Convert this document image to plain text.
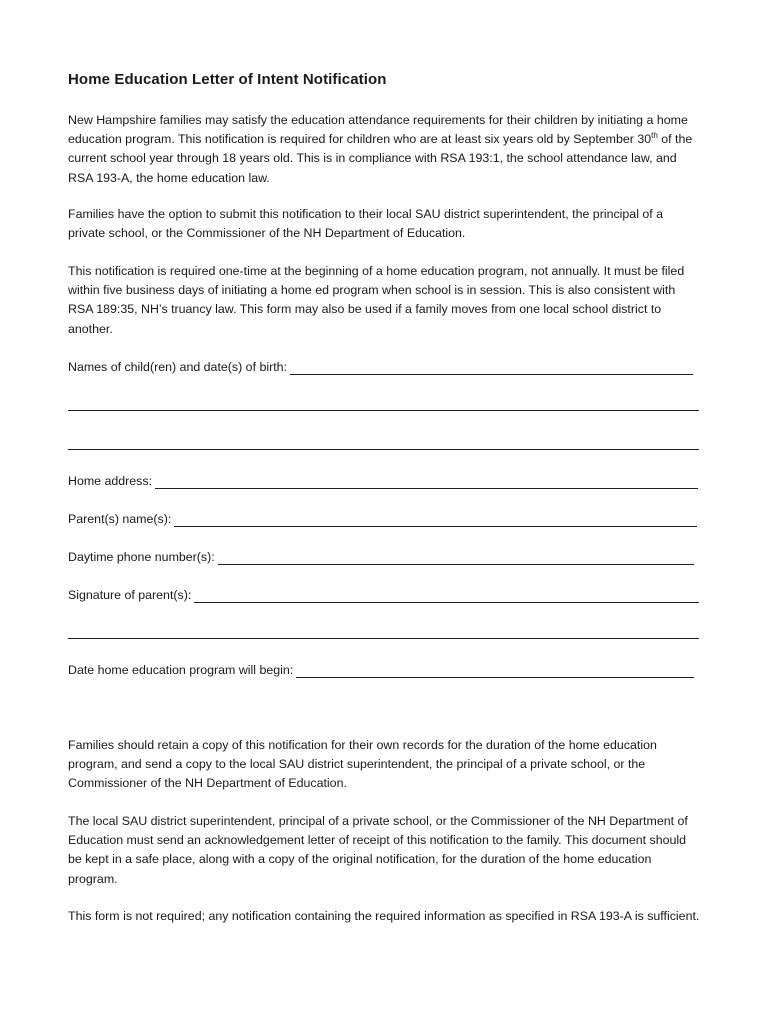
Home Education Letter of Intent Notification

New Hampshire families may satisfy the education attendance requirements for their children by initiating a home education program. This notification is required for children who are at least six years old by September 30th of the current school year through 18 years old. This is in compliance with RSA 193:1, the school attendance law, and RSA 193-A, the home education law.

Families have the option to submit this notification to their local SAU district superintendent, the principal of a private school, or the Commissioner of the NH Department of Education.

This notification is required one-time at the beginning of a home education program, not annually. It must be filed within five business days of initiating a home ed program when school is in session. This is also consistent with RSA 189:35, NH’s truancy law. This form may also be used if a family moves from one local school district to another.

Names of child(ren) and date(s) of birth:
Home address:
Parent(s) name(s):
Daytime phone number(s):
Signature of parent(s):
Date home education program will begin:

Families should retain a copy of this notification for their own records for the duration of the home education program, and send a copy to the local SAU district superintendent, the principal of a private school, or the Commissioner of the NH Department of Education.

The local SAU district superintendent, principal of a private school, or the Commissioner of the NH Department of Education must send an acknowledgement letter of receipt of this notification to the family. This document should be kept in a safe place, along with a copy of the original notification, for the duration of the home education program.

This form is not required; any notification containing the required information as specified in RSA 193-A is sufficient.
